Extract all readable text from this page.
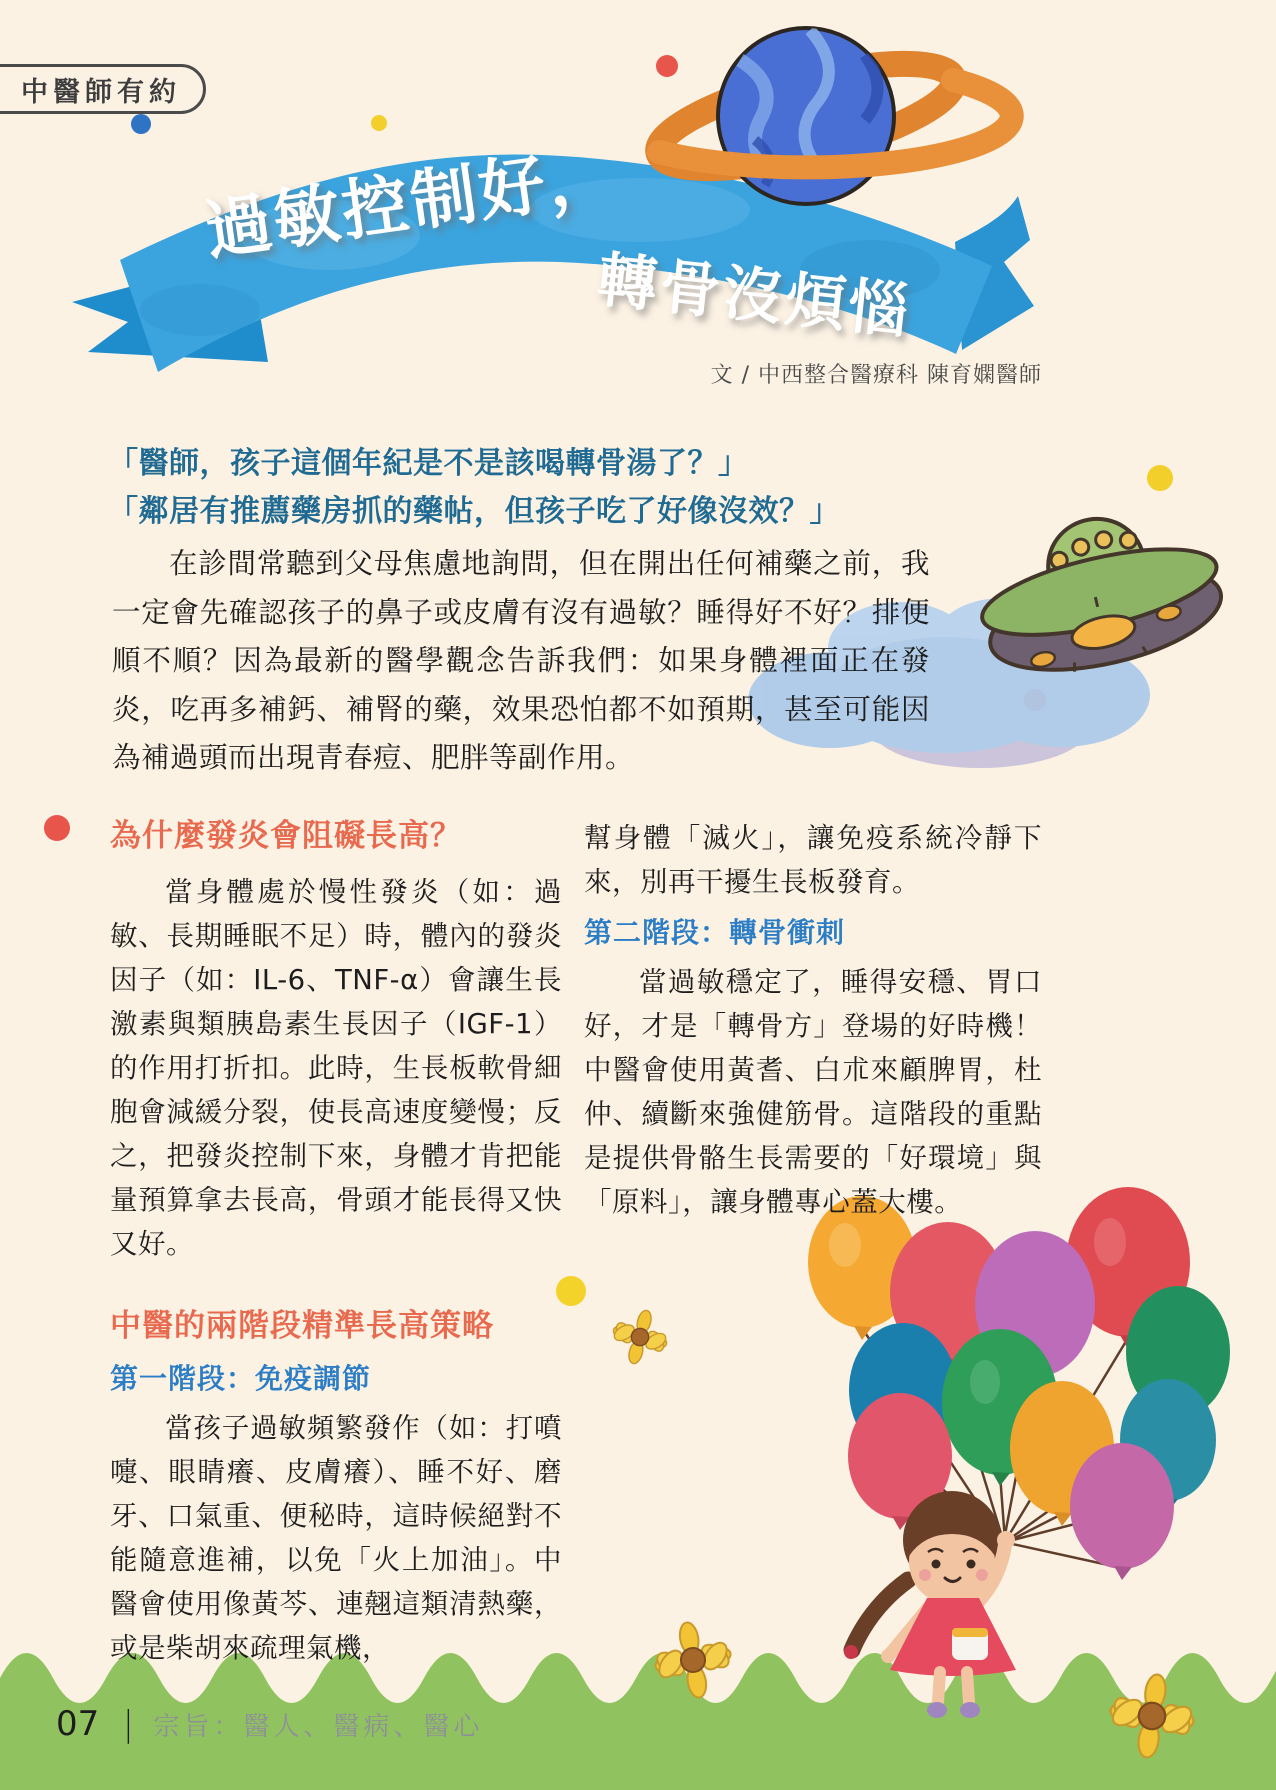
中醫師有約
過敏控制好，
轉骨沒煩惱
文 / 中西整合醫療科 陳育嫻醫師
「醫師，孩子這個年紀是不是該喝轉骨湯了？」
「鄰居有推薦藥房抓的藥帖，但孩子吃了好像沒效？」
在診間常聽到父母焦慮地詢問，但在開出任何補藥之前，我一定會先確認孩子的鼻子或皮膚有沒有過敏？睡得好不好？排便順不順？因為最新的醫學觀念告訴我們：如果身體裡面正在發炎，吃再多補鈣、補腎的藥，效果恐怕都不如預期，甚至可能因為補過頭而出現青春痘、肥胖等副作用。
為什麼發炎會阻礙長高？

當身體處於慢性發炎（如：過敏、長期睡眠不足）時，體內的發炎因子（如：IL-6、TNF-α）會讓生長激素與類胰島素生長因子（IGF-1）的作用打折扣。此時，生長板軟骨細胞會減緩分裂，使長高速度變慢；反之，把發炎控制下來，身體才肯把能量預算拿去長高，骨頭才能長得又快又好。

中醫的兩階段精準長高策略
第一階段：免疫調節

當孩子過敏頻繁發作（如：打噴嚏、眼睛癢、皮膚癢）、睡不好、磨牙、口氣重、便秘時，這時候絕對不能隨意進補，以免「火上加油」。中醫會使用像黃芩、連翹這類清熱藥，或是柴胡來疏理氣機，

幫身體「滅火」，讓免疫系統冷靜下來，別再干擾生長板發育。

第二階段：轉骨衝刺

當過敏穩定了，睡得安穩、胃口好，才是「轉骨方」登場的好時機！中醫會使用黃耆、白朮來顧脾胃，杜仲、續斷來強健筋骨。這階段的重點是提供骨骼生長需要的「好環境」與「原料」，讓身體專心蓋大樓。

07 | 宗旨：醫人、醫病、醫心
